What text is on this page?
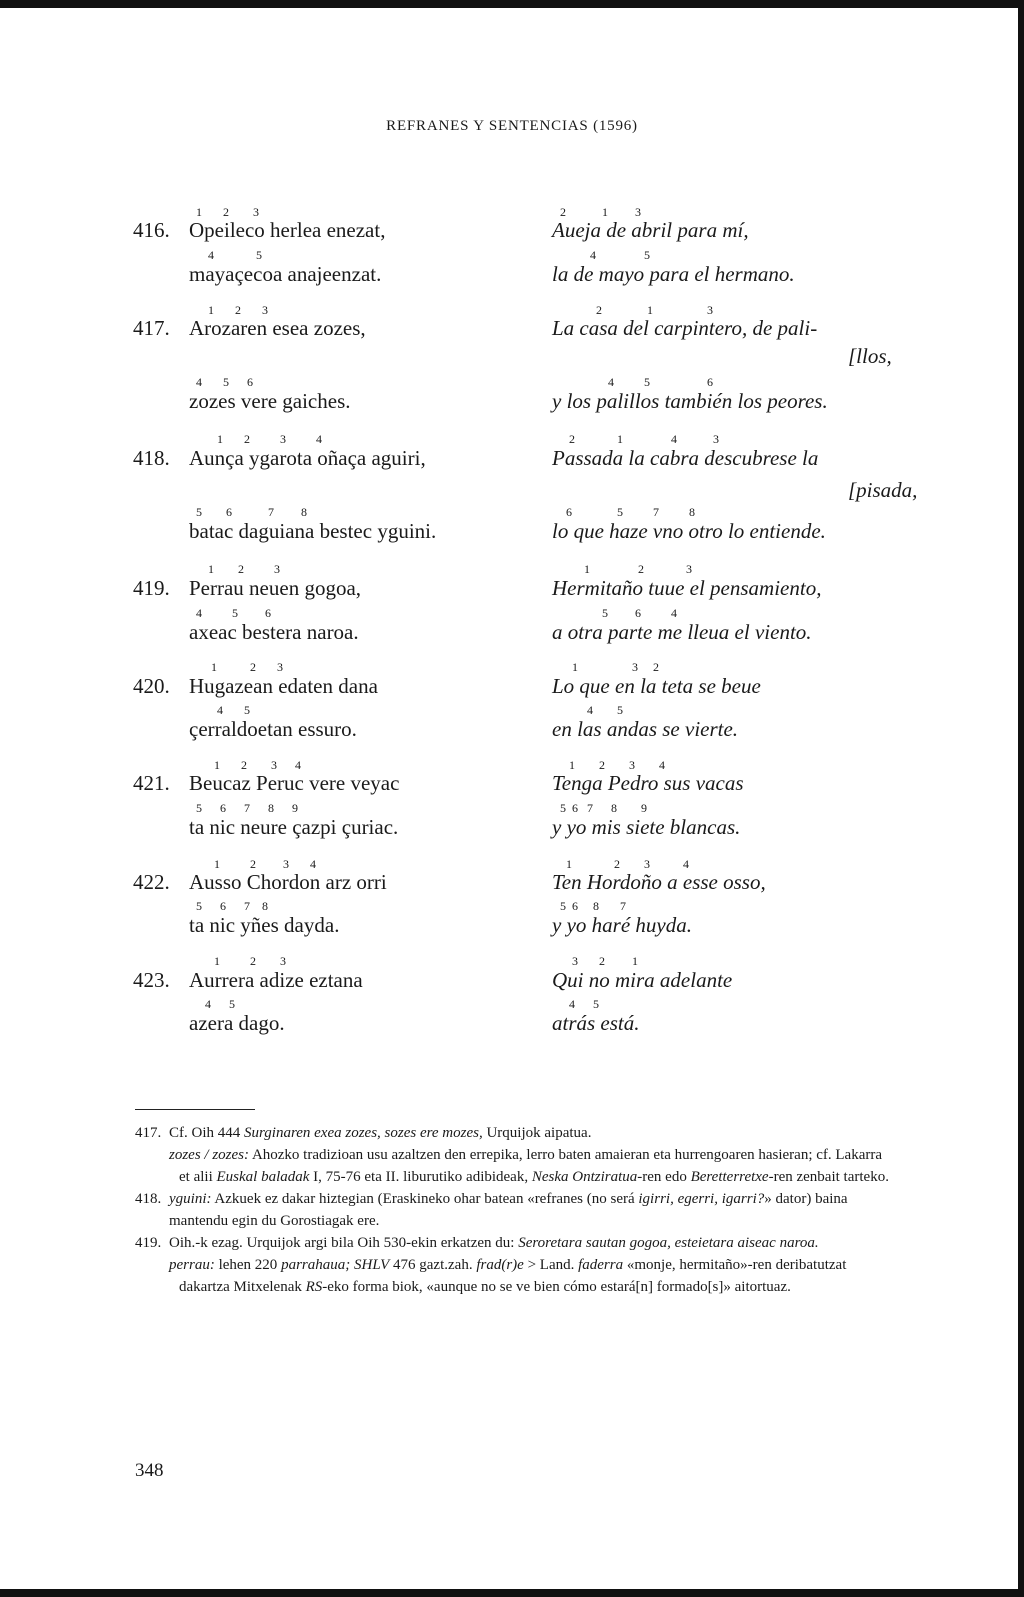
REFRANES Y SENTENCIAS (1596)
1       2        3
416. Opeileco herlea enezat,
4              5
mayaçecoa anajeenzat.
2            1         3
Aueja de abril para mí,
4                5
la de mayo para el hermano.
1       2       3
417. Arozaren esea zozes,
4       5      6
zozes vere gaiches.
2               1                  3
La casa del carpintero, de pali-
[llos,
4          5                   6
y los palillos también los peores.
1       2          3          4
418. Aunça ygarota oñaça aguiri,
5        6            7         8
batac daguiana bestec yguini.
2              1                4            3
Passada la cabra descubrese la
[pisada,
6               5          7          8
lo que haze vno otro lo entiende.
1        2          3
419. Perrau neuen gogoa,
4          5         6
axeac bestera naroa.
1                2              3
Hermitaño tuue el pensamiento,
5         6          4
a otra parte me lleua el viento.
1           2       3
420. Hugazean edaten dana
4       5
çerraldoetan essuro.
1                  3     2
Lo que en la teta se beue
4        5
en las andas se vierte.
1       2        3      4
421. Beucaz Peruc vere veyac
5      6      7      8      9
ta nic neure çazpi çuriac.
1        2        3        4
Tenga Pedro sus vacas
5  6   7      8        9
y yo mis siete blancas.
1          2         3       4
422. Ausso Chordon arz orri
5      6      7    8
ta nic yñes dayda.
1              2        3           4
Ten Hordoño a esse osso,
5  6     8       7
y yo haré huyda.
1          2        3
423. Aurrera adize eztana
4      5
azera dago.
3       2         1
Qui no mira adelante
4      5
atrás está.
417. Cf. Oih 444 Surginaren exea zozes, sozes ere mozes, Urquijok aipatua.
zozes / zozes: Ahozko tradizioan usu azaltzen den errepika, lerro baten amaieran eta hurrengoaren hasieran; cf. Lakarra et alii Euskal baladak I, 75-76 eta II. liburutiko adibideak, Neska Ontziratua-ren edo Beretterretxe-ren zenbait tarteko.
418. yguini: Azkuek ez dakar hiztegian (Eraskineko ohar batean «refranes (no será igirri, egerri, igarri?» dator) baina mantendu egin du Gorostiagak ere.
419. Oih.-k ezag. Urquijok argi bila Oih 530-ekin erkatzen du: Seroretara sautan gogoa, esteietara aiseac naroa.
perrau: lehen 220 parrahaua; SHLV 476 gazt.zah. frad(r)e > Land. faderra «monje, hermitaño»-ren deribatutzat dakartza Mitxelenak RS-eko forma biok, «aunque no se ve bien cómo estará[n] formado[s]» aitortuaz.
348
